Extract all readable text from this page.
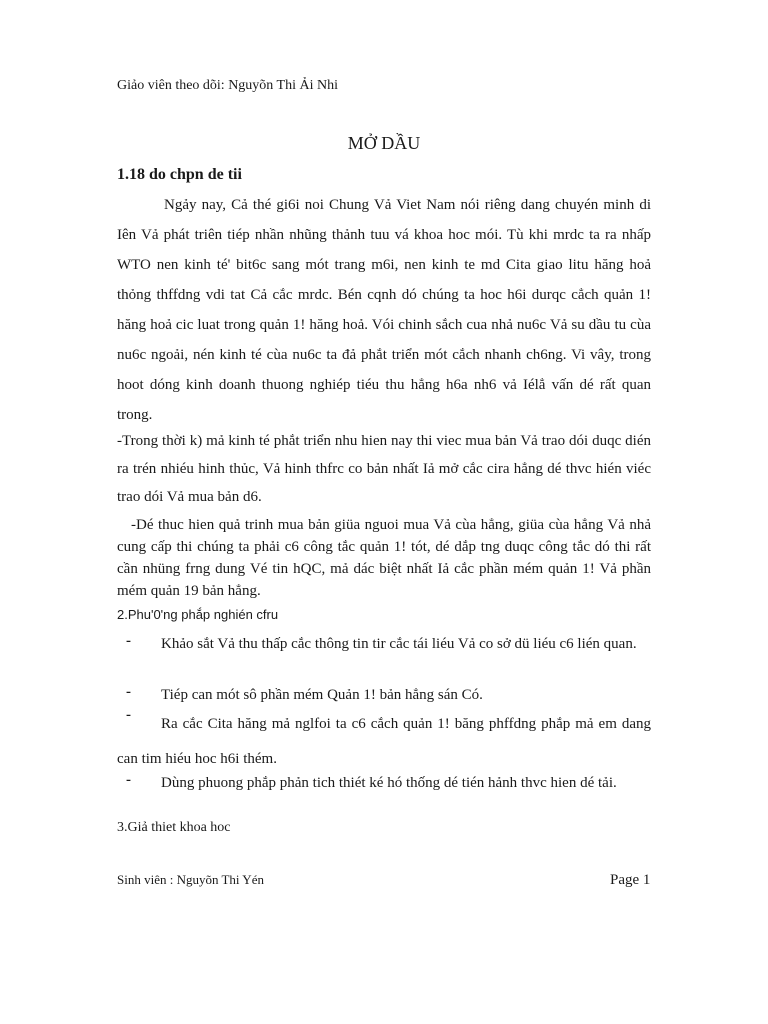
Giảo viên theo dõi: Nguyõn Thi Ải Nhi
MỞ DẦU
1.18 do chpn de tii
Ngảy nay, Cả thé gi6i noi Chung Vả Viet Nam nói riêng dang chuyén minh di Iên Vả phát triên tiép nhần nhũng thảnh tuu vá khoa hoc mói. Tù khi mrdc ta ra nhấp WTO nen kinh té' bit6c sang mót trang m6i, nen kinh te md Cita giao litu hăng hoả thỏng thffdng vdi tat Cả cắc mrdc. Bén cqnh dó chúng ta hoc h6i durqc cẳch quản 1! hăng hoả cic luat trong quản 1! hăng hoả. Vói chinh sắch cua nhả nu6c Vả su dầu tu cùa nu6c ngoải, nén kinh té cùa nu6c ta đả phắt triển mót cắch nhanh ch6ng. Vi vây, trong hoot dóng kinh doanh thuong nghiép tiéu thu hẳng h6a nh6 vả Iélẳ vấn dé rất quan trong.
-Trong thời k) mả kinh té phắt triển nhu hien nay thi viec mua bản Vả trao dói duqc dién ra trén nhiéu hinh thủc, Vả hinh thfrc co bản nhất Iả mở cắc cira hẳng dé thvc hién viéc trao dói Vả mua bản d6.
-Dé thuc hien quả trinh mua bản giüa nguoi mua Vả cùa hẳng, giüa cùa hẳng Vả nhả cung cấp thi chúng ta phải c6 công tắc quản 1! tót, dé dắp tng duqc công tắc dó thi rất cần nhüng frng dung Vé tin hQC, mả dác biệt nhất Iả cắc phần mém quản 1! Vả phần mém quản 19 bản hẳng.
2.Phu'0'ng phắp nghién cfru
-	Khảo sắt Vả thu thấp cắc thông tin tir cắc tái liéu Vả co sở dü liéu c6 lién quan.
-	Tiép can mót sô phần mém Quản 1! bản hẳng sán Có.
-
Ra cắc Cita hăng mả nglfoi ta c6 cắch quản 1! băng phffdng phắp mả em dang can tim hiéu hoc h6i thém.
-	Dùng phuong phắp phản tich thiét ké hó thống dé tién hảnh thvc hien dé tải.
3.Giả thiet khoa hoc
Sinh viên : Nguyõn Thi Yén	Page 1
